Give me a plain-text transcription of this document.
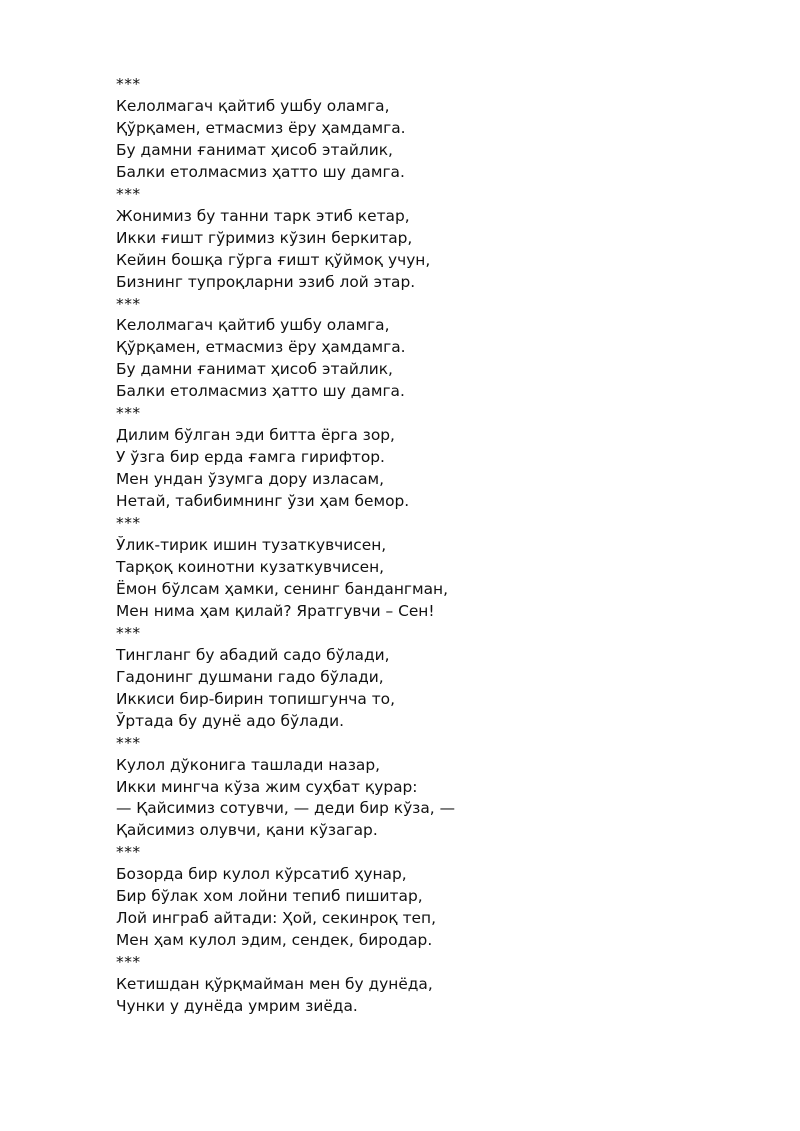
***

Келолмагач қайтиб ушбу оламга,

Қўрқамен, етмасмиз ёру ҳамдамга.

Бу дамни ғанимат ҳисоб этайлик,

Балки етолмасмиз ҳатто шу дамга.

***

Жонимиз бу танни тарк этиб кетар,

Икки ғишт гўримиз кўзин беркитар,

Кейин бошқа гўрга ғишт қўймоқ учун,

Бизнинг тупроқларни эзиб лой этар.

***

Келолмагач қайтиб ушбу оламга,

Қўрқамен, етмасмиз ёру ҳамдамга.

Бу дамни ғанимат ҳисоб этайлик,

Балки етолмасмиз ҳатто шу дамга.

***

Дилим бўлган эди битта ёрга зор,

У ўзга бир ерда ғамга гирифтор.

Мен ундан ўзумга дору изласам,

Нетай, табибимнинг ўзи ҳам бемор.

***

Ўлик-тирик ишин тузаткувчисен,

Тарқоқ коинотни кузаткувчисен,

Ёмон бўлсам ҳамки, сенинг бандангман,

Мен нима ҳам қилай? Яратгувчи – Сен!

***

Тинглaнг бу абадий садо бўлади,

Гадонинг душмани гадо бўлади,

Иккиси бир-бирин топишгунча то,

Ўртада бу дунё адо бўлади.

***

Кулол дўконига ташлади назар,

Икки мингча кўза жим суҳбат қурар:

— Қайсимиз сотувчи, — деди бир кўза, —

Қайсимиз олувчи, қани кўзагар.

***

Бозорда бир кулол кўрсатиб ҳунар,

Бир бўлак хом лойни тепиб пишитар,

Лой инграб айтади: Ҳой, секинроқ теп,

Мен ҳам кулол эдим, сендек, биродар.

***

Кетишдан қўрқмайман мен бу дунёда,

Чунки у дунёда умрим зиёда.
